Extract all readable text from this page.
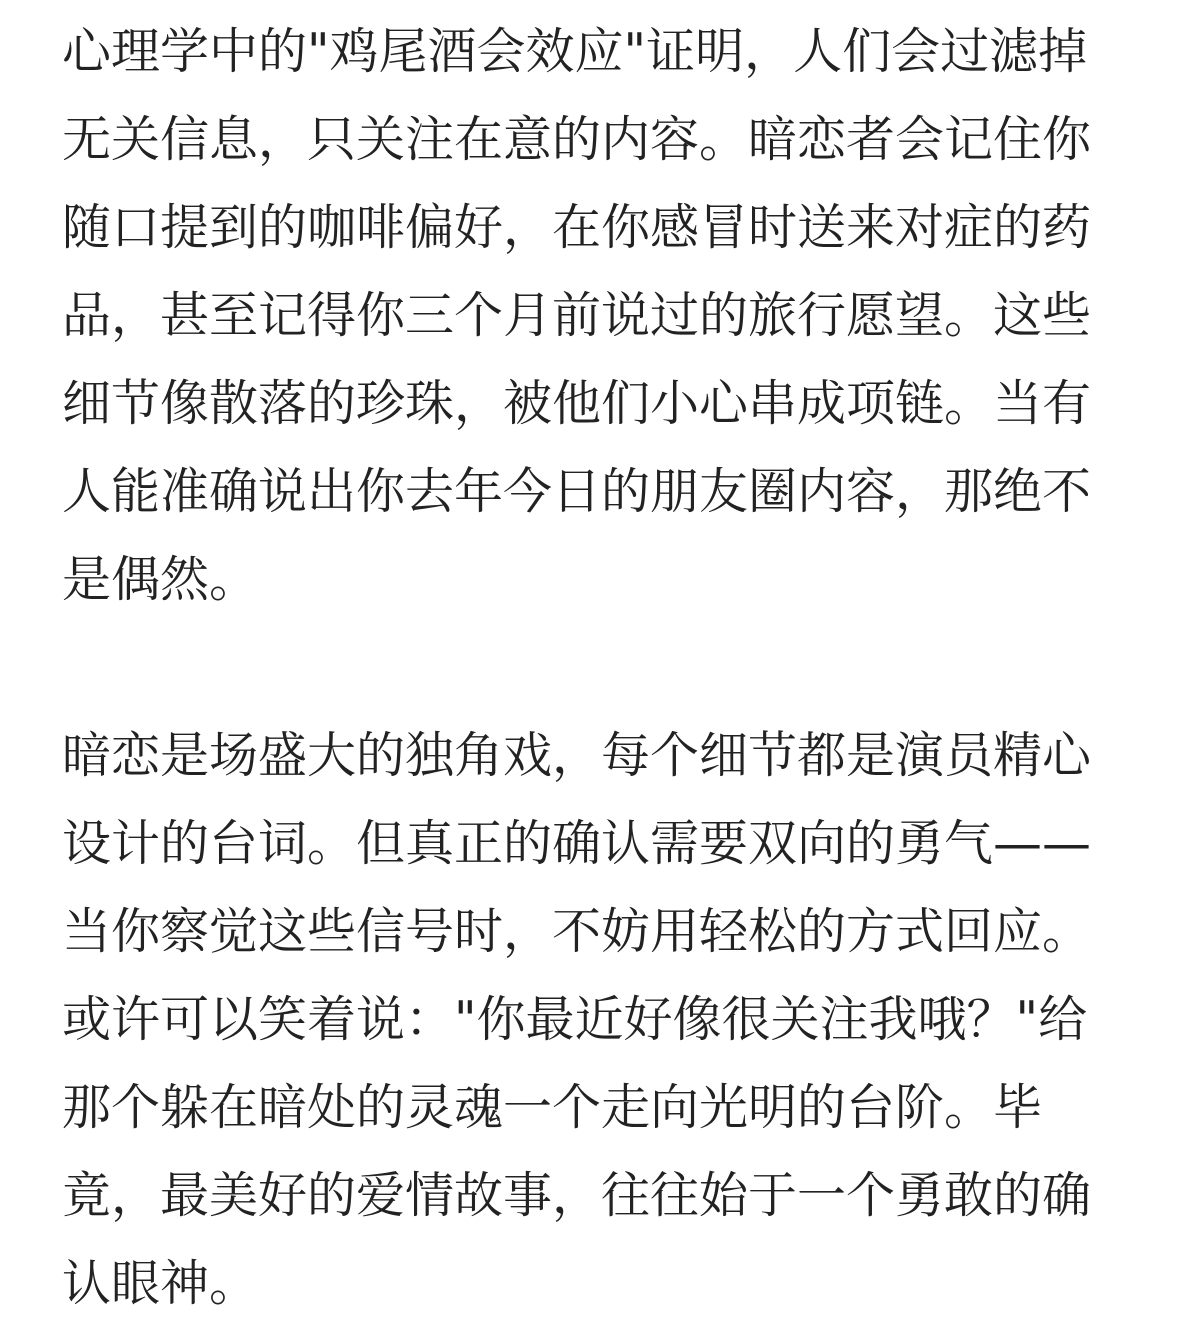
心理学中的"鸡尾酒会效应"证明，人们会过滤掉无关信息，只关注在意的内容。暗恋者会记住你随口提到的咖啡偏好，在你感冒时送来对症的药品，甚至记得你三个月前说过的旅行愿望。这些细节像散落的珍珠，被他们小心串成项链。当有人能准确说出你去年今日的朋友圈内容，那绝不是偶然。

暗恋是场盛大的独角戏，每个细节都是演员精心设计的台词。但真正的确认需要双向的勇气——当你察觉这些信号时，不妨用轻松的方式回应。或许可以笑着说："你最近好像很关注我哦？"给那个躲在暗处的灵魂一个走向光明的台阶。毕竟，最美好的爱情故事，往往始于一个勇敢的确认眼神。
